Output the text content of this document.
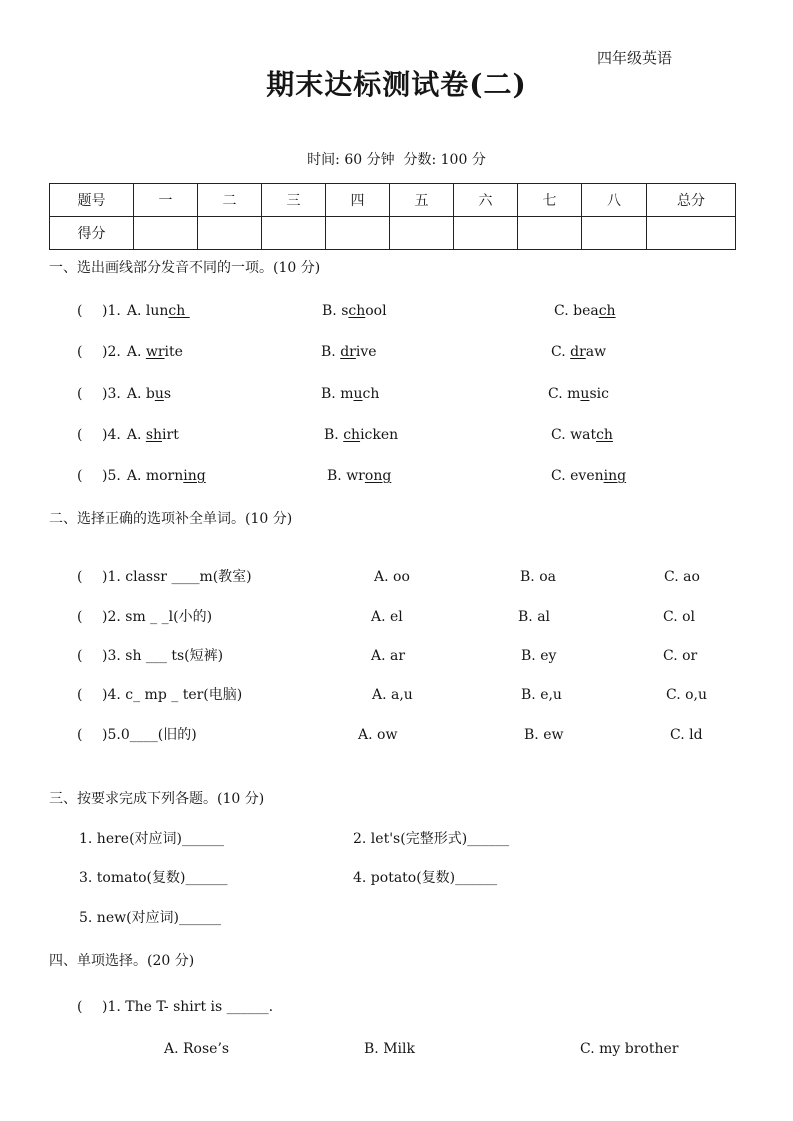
四年级英语
期末达标测试卷(二)
时间: 60 分钟  分数: 100 分
题号	一	二	三	四	五	六	七	八	总分
得分									
一、选出画线部分发音不同的一项。(10 分)
( )1. A. lunch	B. school	C. beach
( )2. A. write	B. drive	C. draw
( )3. A. bus	B. much	C. music
( )4. A. shirt	B. chicken	C. watch
( )5. A. morning	B. wrong	C. evening
二、选择正确的选项补全单词。(10 分)
( )1. classr ____m(教室)	A. oo	B. oa	C. ao
( )2. sm _ _l(小的)	A. el	B. al	C. ol
( )3. sh ___ ts(短裤)	A. ar	B. ey	C. or
( )4. c_ mp _ ter(电脑)	A. a,u	B. e,u	C. o,u
( )5.0____(旧的)	A. ow	B. ew	C. ld
三、按要求完成下列各题。(10 分)
1. here(对应词)______	2. let's(完整形式)______
3. tomato(复数)______	4. potato(复数)______
5. new(对应词)______
四、单项选择。(20 分)
( )1. The T- shirt is ______.
A. Rose’s	B. Milk	C. my brother
